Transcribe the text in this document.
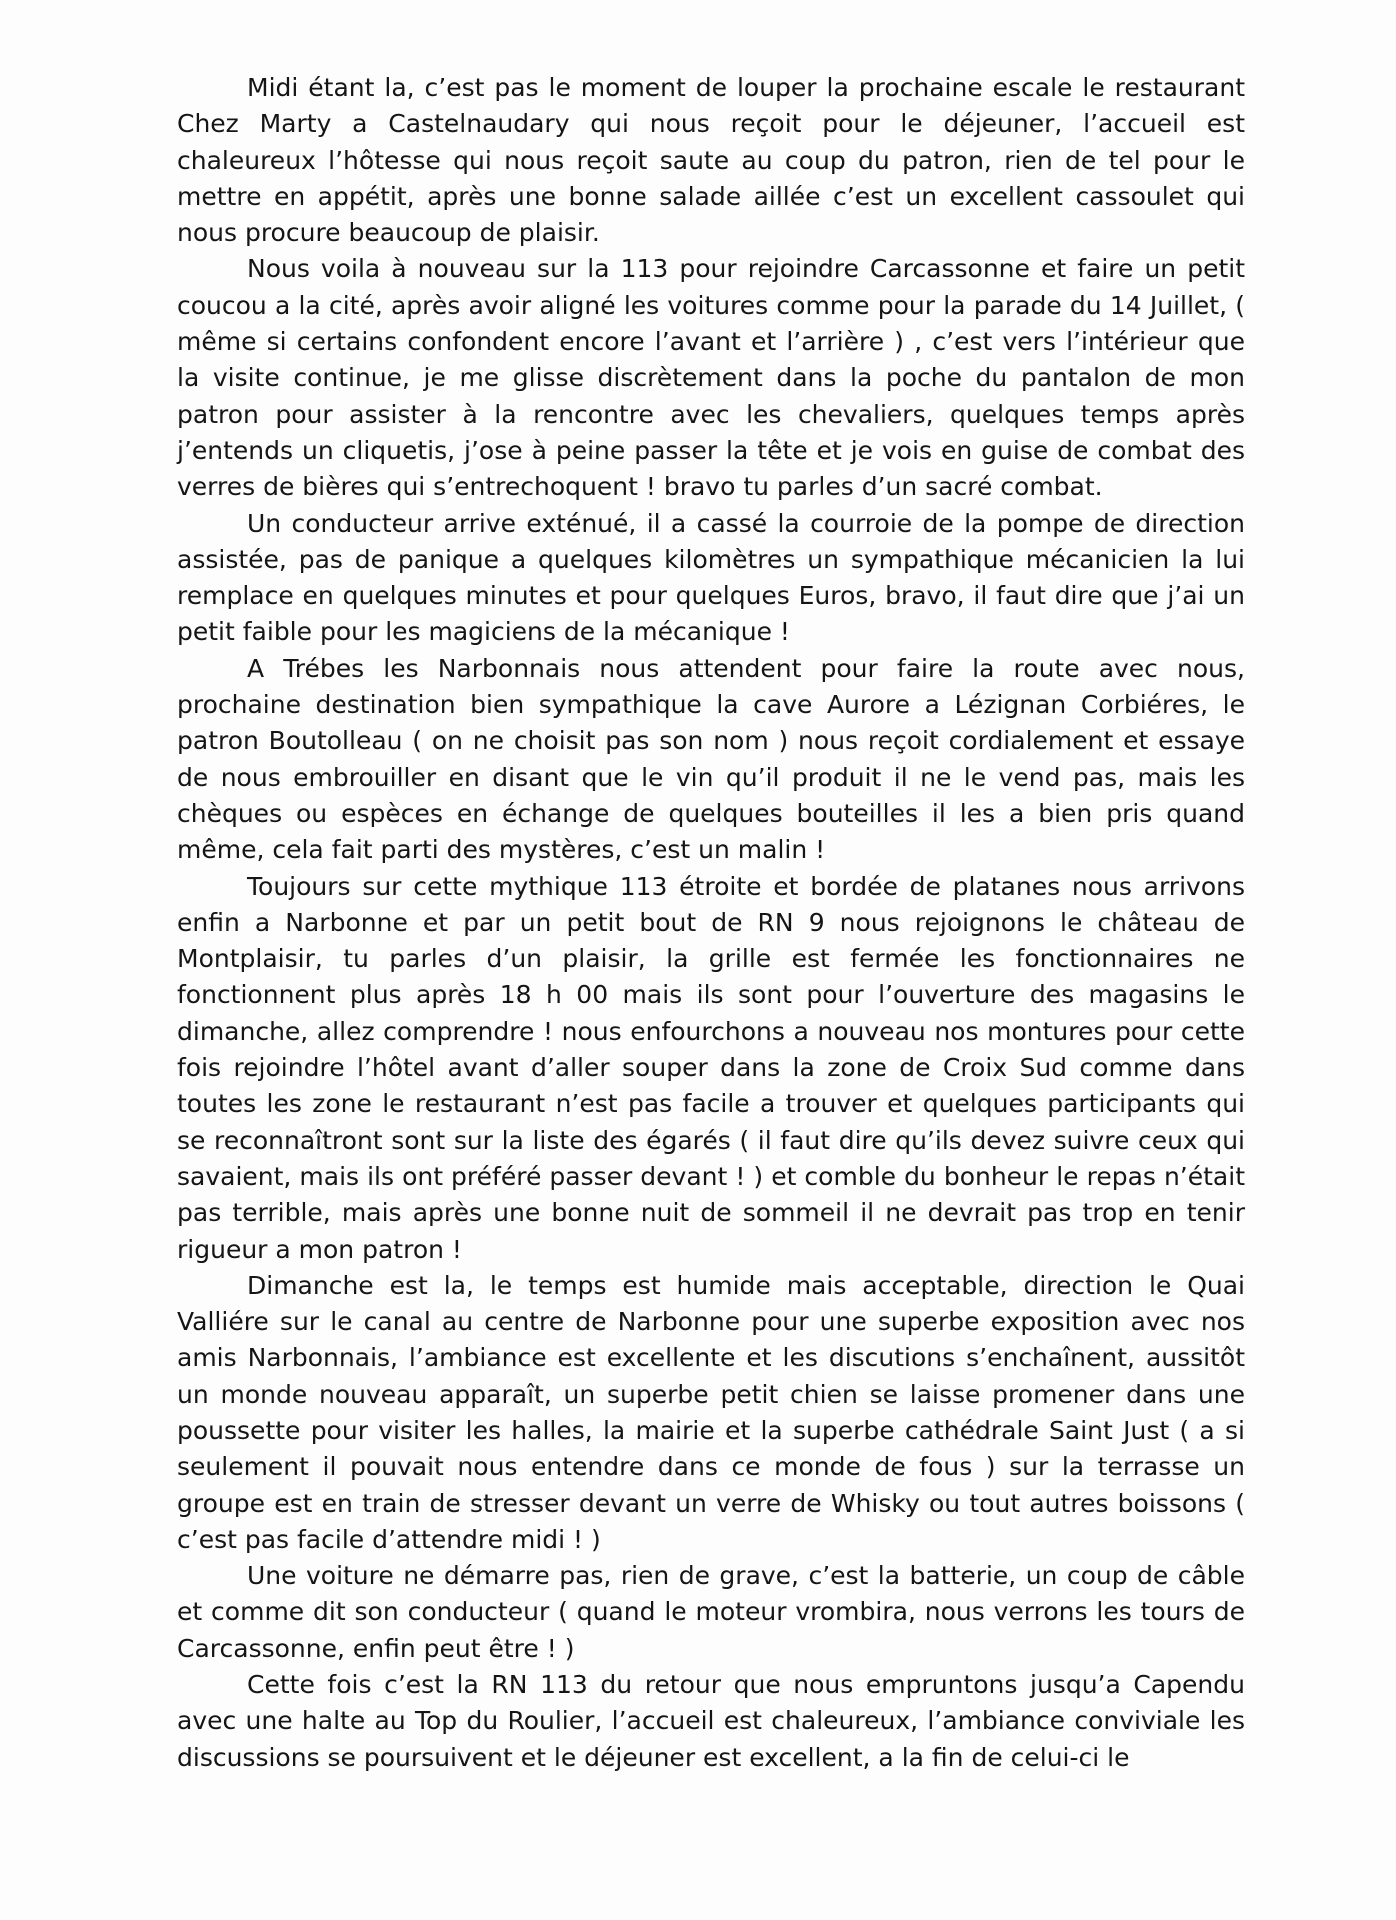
Midi étant la, c’est pas le moment de louper la prochaine escale le restaurant Chez Marty a Castelnaudary qui nous reçoit pour le déjeuner, l’accueil est chaleureux l’hôtesse qui nous reçoit saute au coup du patron, rien de tel pour le mettre en appétit, après une bonne salade aillée c’est un excellent cassoulet qui nous procure beaucoup de plaisir.

Nous voila à nouveau sur la 113 pour rejoindre Carcassonne et faire un petit coucou a la cité, après avoir aligné les voitures comme pour la parade du 14 Juillet, ( même si certains confondent encore l’avant et l’arrière ) , c’est vers l’intérieur que la visite continue, je me glisse discrètement dans la poche du pantalon de mon patron pour assister à la rencontre avec les chevaliers, quelques temps après j’entends un cliquetis, j’ose à peine passer la tête et je vois en guise de combat des verres de bières qui s’entrechoquent ! bravo tu parles d’un sacré combat.

Un conducteur arrive exténué, il a cassé la courroie de la pompe de direction assistée, pas de panique a quelques kilomètres un sympathique mécanicien la lui remplace en quelques minutes et pour quelques Euros, bravo, il faut dire que j’ai un petit faible pour les magiciens de la mécanique !

A Trébes les Narbonnais nous attendent pour faire la route avec nous, prochaine destination bien sympathique la cave Aurore a Lézignan Corbiéres, le patron Boutolleau ( on ne choisit pas son nom ) nous reçoit cordialement et essaye de nous embrouiller en disant que le vin qu’il produit il ne le vend pas, mais les chèques ou espèces en échange de quelques bouteilles il les a bien pris quand même, cela fait parti des mystères, c’est un malin !

Toujours sur cette mythique 113 étroite et bordée de platanes nous arrivons enfin a Narbonne et par un petit bout de RN 9 nous rejoignons le château de Montplaisir, tu parles d’un plaisir, la grille est fermée les fonctionnaires ne fonctionnent plus après 18 h 00 mais ils sont pour l’ouverture des magasins le dimanche, allez comprendre ! nous enfourchons a nouveau nos montures pour cette fois rejoindre l’hôtel avant d’aller souper dans la zone de Croix Sud comme dans toutes les zone le restaurant n’est pas facile a trouver et quelques participants qui se reconnaîtront sont sur la liste des égarés ( il faut dire qu’ils devez suivre ceux qui savaient, mais ils ont préféré passer devant ! ) et comble du bonheur le repas n’était pas terrible, mais après une bonne nuit de sommeil il ne devrait pas trop en tenir rigueur a mon patron !

Dimanche est la, le temps est humide mais acceptable, direction le Quai Valliére sur le canal au centre de Narbonne pour une superbe exposition avec nos amis Narbonnais, l’ambiance est excellente et les discutions s’enchaînent, aussitôt un monde nouveau apparaît, un superbe petit chien se laisse promener dans une poussette pour visiter les halles, la mairie et la superbe cathédrale Saint Just ( a si seulement il pouvait nous entendre dans ce monde de fous ) sur la terrasse un groupe est en train de stresser devant un verre de Whisky ou tout autres boissons ( c’est pas facile d’attendre midi ! )

Une voiture ne démarre pas, rien de grave, c’est la batterie, un coup de câble et comme dit son conducteur ( quand le moteur vrombira, nous verrons les tours de Carcassonne, enfin peut être ! )

Cette fois c’est la RN 113 du retour que nous empruntons jusqu’a Capendu avec une halte au Top du Roulier, l’accueil est chaleureux, l’ambiance conviviale les discussions se poursuivent et le déjeuner est excellent, a la fin de celui-ci le
